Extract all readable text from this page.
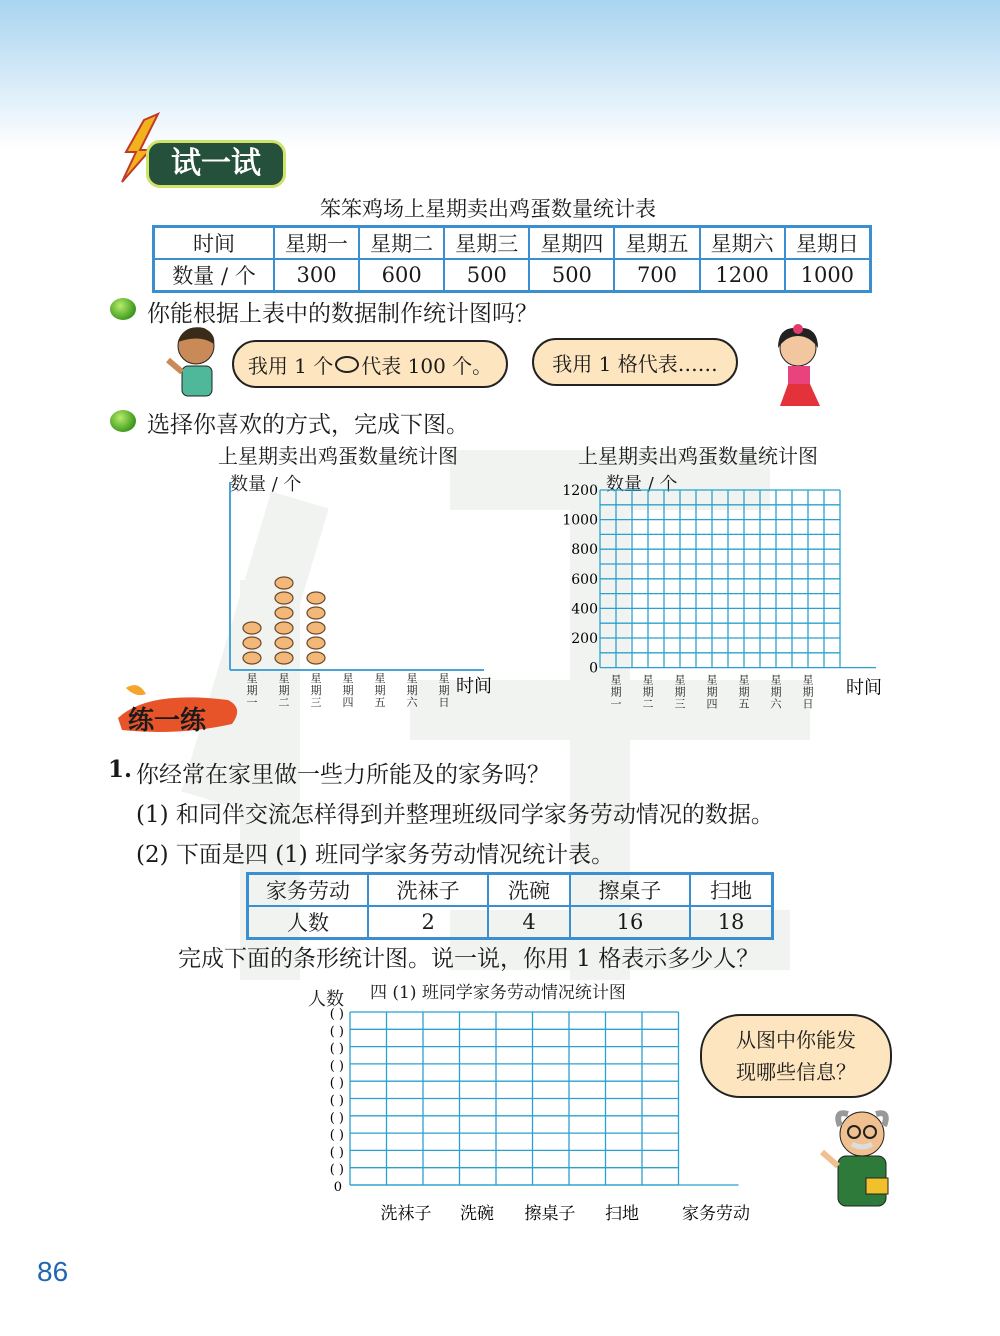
试一试
笨笨鸡场上星期卖出鸡蛋数量统计表
时间	星期一	星期二	星期三	星期四	星期五	星期六	星期日
数量 / 个	300	600	500	500	700	1200	1000
你能根据上表中的数据制作统计图吗？
我用 1 个 代表 100 个。	我用 1 格代表……
选择你喜欢的方式，完成下图。
上星期卖出鸡蛋数量统计图
数量 / 个
星期一
星期二
星期三
星期四
星期五
星期六
星期日
时间
上星期卖出鸡蛋数量统计图
数量 / 个
0
200
400
600
800
1000
1200
星期一
星期二
星期三
星期四
星期五
星期六
星期日
时间
练一练
1. 你经常在家里做一些力所能及的家务吗？
(1) 和同伴交流怎样得到并整理班级同学家务劳动情况的数据。
(2) 下面是四 (1) 班同学家务劳动情况统计表。
家务劳动	洗袜子	洗碗	擦桌子	扫地
人数	2	4	16	18
完成下面的条形统计图。说一说，你用 1 格表示多少人？
四 (1) 班同学家务劳动情况统计图
人数
( )
( )
( )
( )
( )
( )
( )
( )
( )
( )
0
洗袜子 洗碗 擦桌子 扫地	家务劳动
从图中你能发
现哪些信息？
86
